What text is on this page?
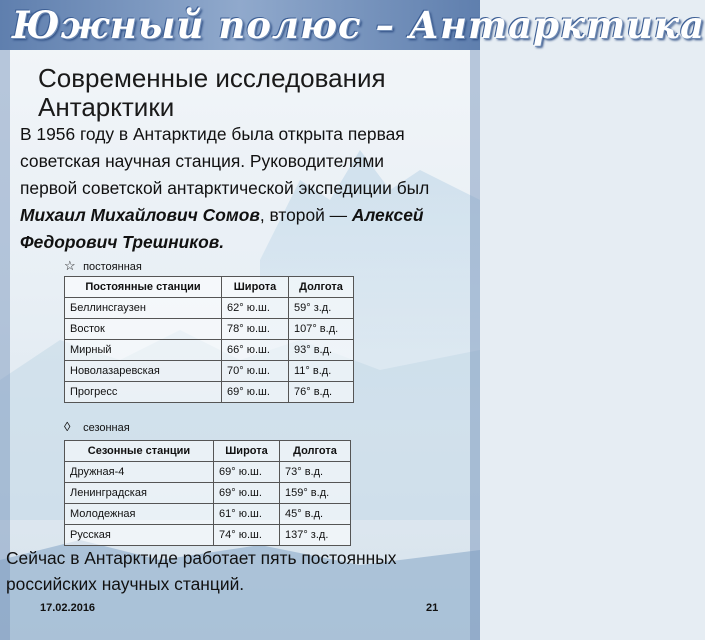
Южный полюс – Антарктика
Современные исследования
Антарктики
В 1956 году в Антарктиде была открыта первая
советская научная станция. Руководителями
первой советской антарктической экспедиции был
Михаил Михайлович Сомов, второй — Алексей
Федорович Трешников.
☆ постоянная
Постоянные станции	Широта	Долгота
Беллинсгаузен	62° ю.ш.	59° з.д.
Восток	78° ю.ш.	107° в.д.
Мирный	66° ю.ш.	93° в.д.
Новолазаревская	70° ю.ш.	11° в.д.
Прогресс	69° ю.ш.	76° в.д.
◊ сезонная
Сезонные станции	Широта	Долгота
Дружная-4	69° ю.ш.	73° в.д.
Ленинградская	69° ю.ш.	159° в.д.
Молодежная	61° ю.ш.	45° в.д.
Русская	74° ю.ш.	137° з.д.
Сейчас в Антарктиде работает пять постоянных
российских научных станций.
17.02.2016	21
